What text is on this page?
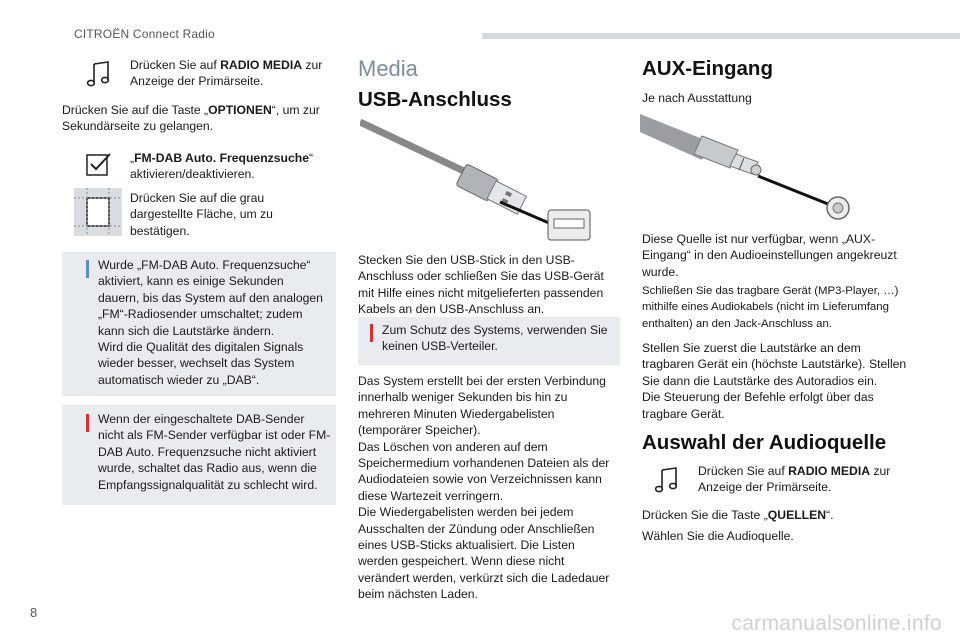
CITROËN Connect Radio
Drücken Sie auf RADIO MEDIA zur Anzeige der Primärseite.
Drücken Sie auf die Taste „OPTIONEN“, um zur Sekundärseite zu gelangen.
„FM-DAB Auto. Frequenzsuche“ aktivieren/deaktivieren.
Drücken Sie auf die grau dargestellte Fläche, um zu bestätigen.
Wurde „FM-DAB Auto. Frequenzsuche“
aktiviert, kann es einige Sekunden
dauern, bis das System auf den analogen
„FM“-Radiosender umschaltet; zudem
kann sich die Lautstärke ändern.
Wird die Qualität des digitalen Signals
wieder besser, wechselt das System
automatisch wieder zu „DAB“.
Wenn der eingeschaltete DAB-Sender
nicht als FM-Sender verfügbar ist oder FM-
DAB Auto. Frequenzsuche nicht aktiviert
wurde, schaltet das Radio aus, wenn die
Empfangssignalqualität zu schlecht wird.
Media
USB-Anschluss
Stecken Sie den USB-Stick in den USB-
Anschluss oder schließen Sie das USB-Gerät
mit Hilfe eines nicht mitgelieferten passenden
Kabels an den USB-Anschluss an.
Zum Schutz des Systems, verwenden Sie
keinen USB-Verteiler.
Das System erstellt bei der ersten Verbindung
innerhalb weniger Sekunden bis hin zu
mehreren Minuten Wiedergabelisten
(temporärer Speicher).
Das Löschen von anderen auf dem
Speichermedium vorhandenen Dateien als der
Audiodateien sowie von Verzeichnissen kann
diese Wartezeit verringern.
Die Wiedergabelisten werden bei jedem
Ausschalten der Zündung oder Anschließen
eines USB-Sticks aktualisiert. Die Listen
werden gespeichert. Wenn diese nicht
verändert werden, verkürzt sich die Ladedauer
beim nächsten Laden.
AUX-Eingang
Je nach Ausstattung
Diese Quelle ist nur verfügbar, wenn „AUX-
Eingang“ in den Audioeinstellungen angekreuzt
wurde.
Schließen Sie das tragbare Gerät (MP3-Player, …)
mithilfe eines Audiokabels (nicht im Lieferumfang
enthalten) an den Jack-Anschluss an.
Stellen Sie zuerst die Lautstärke an dem
tragbaren Gerät ein (höchste Lautstärke). Stellen
Sie dann die Lautstärke des Autoradios ein.
Die Steuerung der Befehle erfolgt über das
tragbare Gerät.
Auswahl der Audioquelle
Drücken Sie auf RADIO MEDIA zur Anzeige der Primärseite.
Drücken Sie die Taste „QUELLEN“.
Wählen Sie die Audioquelle.
8	carmanualsonline.info
